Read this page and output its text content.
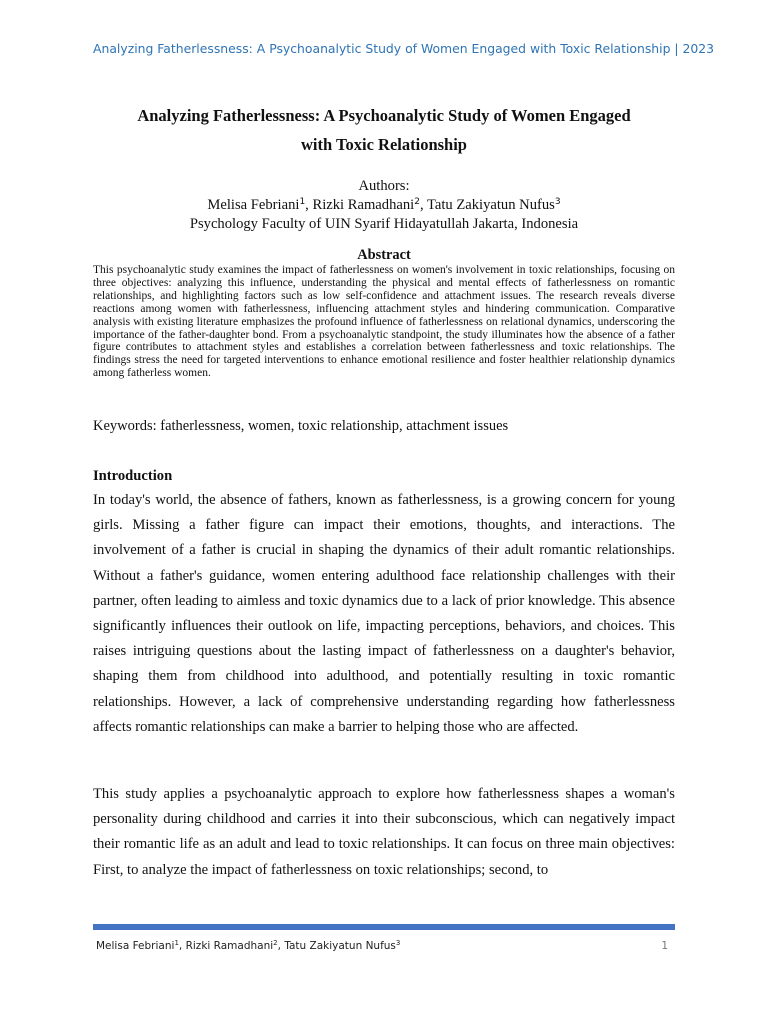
Analyzing Fatherlessness: A Psychoanalytic Study of Women Engaged with Toxic Relationship | 2023
Analyzing Fatherlessness: A Psychoanalytic Study of Women Engaged
with Toxic Relationship
Authors:
Melisa Febriani$^1$, Rizki Ramadhani$^2$, Tatu Zakiyatun Nufus$^3$
Psychology Faculty of UIN Syarif Hidayatullah Jakarta, Indonesia
Abstract
This psychoanalytic study examines the impact of fatherlessness on women's involvement in toxic relationships, focusing on three objectives: analyzing this influence, understanding the physical and mental effects of fatherlessness on romantic relationships, and highlighting factors such as low self-confidence and attachment issues. The research reveals diverse reactions among women with fatherlessness, influencing attachment styles and hindering communication. Comparative analysis with existing literature emphasizes the profound influence of fatherlessness on relational dynamics, underscoring the importance of the father-daughter bond. From a psychoanalytic standpoint, the study illuminates how the absence of a father figure contributes to attachment styles and establishes a correlation between fatherlessness and toxic relationships. The findings stress the need for targeted interventions to enhance emotional resilience and foster healthier relationship dynamics among fatherless women.
Keywords: fatherlessness, women, toxic relationship, attachment issues
Introduction
In today's world, the absence of fathers, known as fatherlessness, is a growing concern for young girls. Missing a father figure can impact their emotions, thoughts, and interactions. The involvement of a father is crucial in shaping the dynamics of their adult romantic relationships. Without a father's guidance, women entering adulthood face relationship challenges with their partner, often leading to aimless and toxic dynamics due to a lack of prior knowledge. This absence significantly influences their outlook on life, impacting perceptions, behaviors, and choices. This raises intriguing questions about the lasting impact of fatherlessness on a daughter's behavior, shaping them from childhood into adulthood, and potentially resulting in toxic romantic relationships. However, a lack of comprehensive understanding regarding how fatherlessness affects romantic relationships can make a barrier to helping those who are affected.
This study applies a psychoanalytic approach to explore how fatherlessness shapes a woman's personality during childhood and carries it into their subconscious, which can negatively impact their romantic life as an adult and lead to toxic relationships. It can focus on three main objectives: First, to analyze the impact of fatherlessness on toxic relationships; second, to
Melisa Febriani$^1$, Rizki Ramadhani$^2$, Tatu Zakiyatun Nufus$^3$	1
